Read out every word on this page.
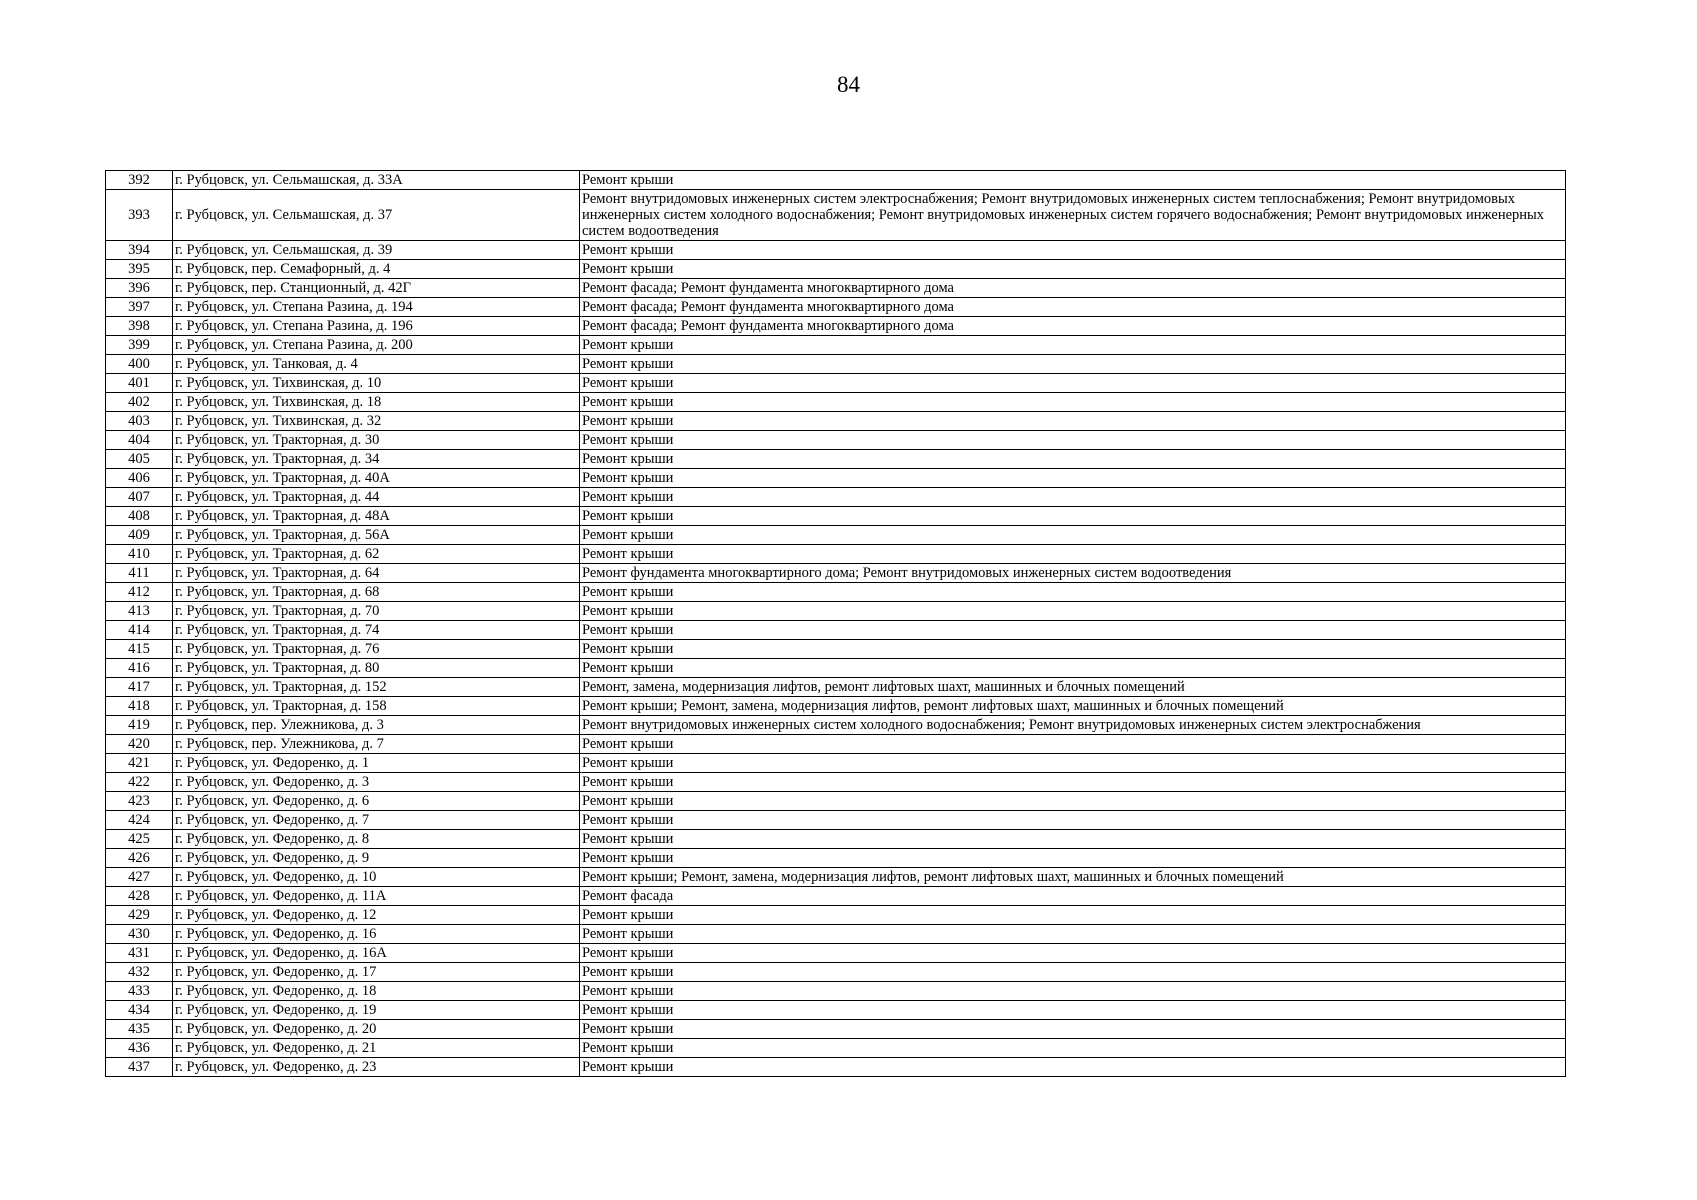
84
392	г. Рубцовск, ул. Сельмашская, д. 33А	Ремонт крыши
393	г. Рубцовск, ул. Сельмашская, д. 37	Ремонт внутридомовых инженерных систем электроснабжения; Ремонт внутридомовых инженерных систем теплоснабжения; Ремонт внутридомовых инженерных систем холодного водоснабжения; Ремонт внутридомовых инженерных систем горячего водоснабжения; Ремонт внутридомовых инженерных систем водоотведения
394	г. Рубцовск, ул. Сельмашская, д. 39	Ремонт крыши
395	г. Рубцовск, пер. Семафорный, д. 4	Ремонт крыши
396	г. Рубцовск, пер. Станционный, д. 42Г	Ремонт фасада; Ремонт фундамента многоквартирного дома
397	г. Рубцовск, ул. Степана Разина, д. 194	Ремонт фасада; Ремонт фундамента многоквартирного дома
398	г. Рубцовск, ул. Степана Разина, д. 196	Ремонт фасада; Ремонт фундамента многоквартирного дома
399	г. Рубцовск, ул. Степана Разина, д. 200	Ремонт крыши
400	г. Рубцовск, ул. Танковая, д. 4	Ремонт крыши
401	г. Рубцовск, ул. Тихвинская, д. 10	Ремонт крыши
402	г. Рубцовск, ул. Тихвинская, д. 18	Ремонт крыши
403	г. Рубцовск, ул. Тихвинская, д. 32	Ремонт крыши
404	г. Рубцовск, ул. Тракторная, д. 30	Ремонт крыши
405	г. Рубцовск, ул. Тракторная, д. 34	Ремонт крыши
406	г. Рубцовск, ул. Тракторная, д. 40А	Ремонт крыши
407	г. Рубцовск, ул. Тракторная, д. 44	Ремонт крыши
408	г. Рубцовск, ул. Тракторная, д. 48А	Ремонт крыши
409	г. Рубцовск, ул. Тракторная, д. 56А	Ремонт крыши
410	г. Рубцовск, ул. Тракторная, д. 62	Ремонт крыши
411	г. Рубцовск, ул. Тракторная, д. 64	Ремонт фундамента многоквартирного дома; Ремонт внутридомовых инженерных систем водоотведения
412	г. Рубцовск, ул. Тракторная, д. 68	Ремонт крыши
413	г. Рубцовск, ул. Тракторная, д. 70	Ремонт крыши
414	г. Рубцовск, ул. Тракторная, д. 74	Ремонт крыши
415	г. Рубцовск, ул. Тракторная, д. 76	Ремонт крыши
416	г. Рубцовск, ул. Тракторная, д. 80	Ремонт крыши
417	г. Рубцовск, ул. Тракторная, д. 152	Ремонт, замена, модернизация лифтов, ремонт лифтовых шахт, машинных и блочных помещений
418	г. Рубцовск, ул. Тракторная, д. 158	Ремонт крыши; Ремонт, замена, модернизация лифтов, ремонт лифтовых шахт, машинных и блочных помещений
419	г. Рубцовск, пер. Улежникова, д. 3	Ремонт внутридомовых инженерных систем холодного водоснабжения; Ремонт внутридомовых инженерных систем электроснабжения
420	г. Рубцовск, пер. Улежникова, д. 7	Ремонт крыши
421	г. Рубцовск, ул. Федоренко, д. 1	Ремонт крыши
422	г. Рубцовск, ул. Федоренко, д. 3	Ремонт крыши
423	г. Рубцовск, ул. Федоренко, д. 6	Ремонт крыши
424	г. Рубцовск, ул. Федоренко, д. 7	Ремонт крыши
425	г. Рубцовск, ул. Федоренко, д. 8	Ремонт крыши
426	г. Рубцовск, ул. Федоренко, д. 9	Ремонт крыши
427	г. Рубцовск, ул. Федоренко, д. 10	Ремонт крыши; Ремонт, замена, модернизация лифтов, ремонт лифтовых шахт, машинных и блочных помещений
428	г. Рубцовск, ул. Федоренко, д. 11А	Ремонт фасада
429	г. Рубцовск, ул. Федоренко, д. 12	Ремонт крыши
430	г. Рубцовск, ул. Федоренко, д. 16	Ремонт крыши
431	г. Рубцовск, ул. Федоренко, д. 16А	Ремонт крыши
432	г. Рубцовск, ул. Федоренко, д. 17	Ремонт крыши
433	г. Рубцовск, ул. Федоренко, д. 18	Ремонт крыши
434	г. Рубцовск, ул. Федоренко, д. 19	Ремонт крыши
435	г. Рубцовск, ул. Федоренко, д. 20	Ремонт крыши
436	г. Рубцовск, ул. Федоренко, д. 21	Ремонт крыши
437	г. Рубцовск, ул. Федоренко, д. 23	Ремонт крыши
